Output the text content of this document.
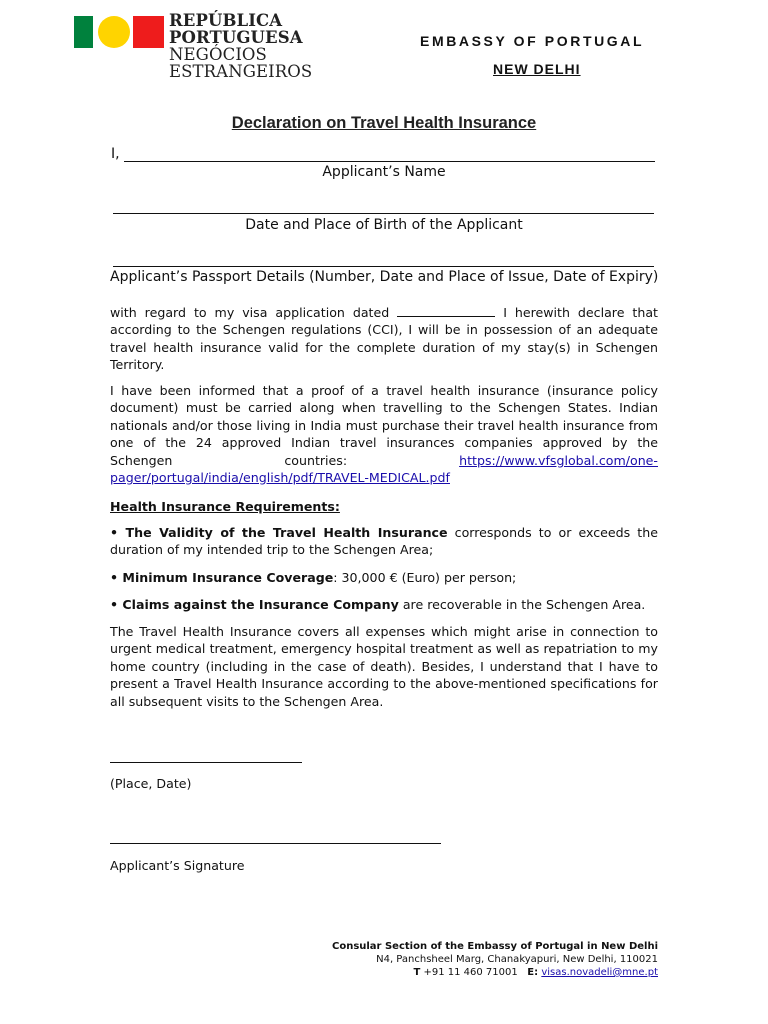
REPÚBLICA
PORTUGUESA
NEGÓCIOS
ESTRANGEIROS
EMBASSY OF PORTUGAL
NEW DELHI
Declaration on Travel Health Insurance
I,
Applicant’s Name
Date and Place of Birth of the Applicant
Applicant’s Passport Details (Number, Date and Place of Issue, Date of Expiry)

with regard to my visa application dated	I herewith declare that according to the Schengen regulations (CCI), I will be in possession of an adequate travel health insurance valid for the complete duration of my stay(s) in Schengen Territory.

I have been informed that a proof of a travel health insurance (insurance policy document) must be carried along when travelling to the Schengen States. Indian nationals and/or those living in India must purchase their travel health insurance from one of the 24 approved Indian travel insurances companies approved by the Schengen countries:	https://www.vfsglobal.com/one-pager/portugal/india/english/pdf/TRAVEL-MEDICAL.pdf

Health Insurance Requirements:

• The Validity of the Travel Health Insurance corresponds to or exceeds the duration of my intended trip to the Schengen Area;

• Minimum Insurance Coverage: 30,000 € (Euro) per person;

• Claims against the Insurance Company are recoverable in the Schengen Area.

The Travel Health Insurance covers all expenses which might arise in connection to urgent medical treatment, emergency hospital treatment as well as repatriation to my home country (including in the case of death). Besides, I understand that I have to present a Travel Health Insurance according to the above-mentioned specifications for all subsequent visits to the Schengen Area.

(Place, Date)
Applicant’s Signature
Consular Section of the Embassy of Portugal in New Delhi
N4, Panchsheel Marg, Chanakyapuri, New Delhi, 110021
T +91 11 460 71001 E: visas.novadeli@mne.pt
